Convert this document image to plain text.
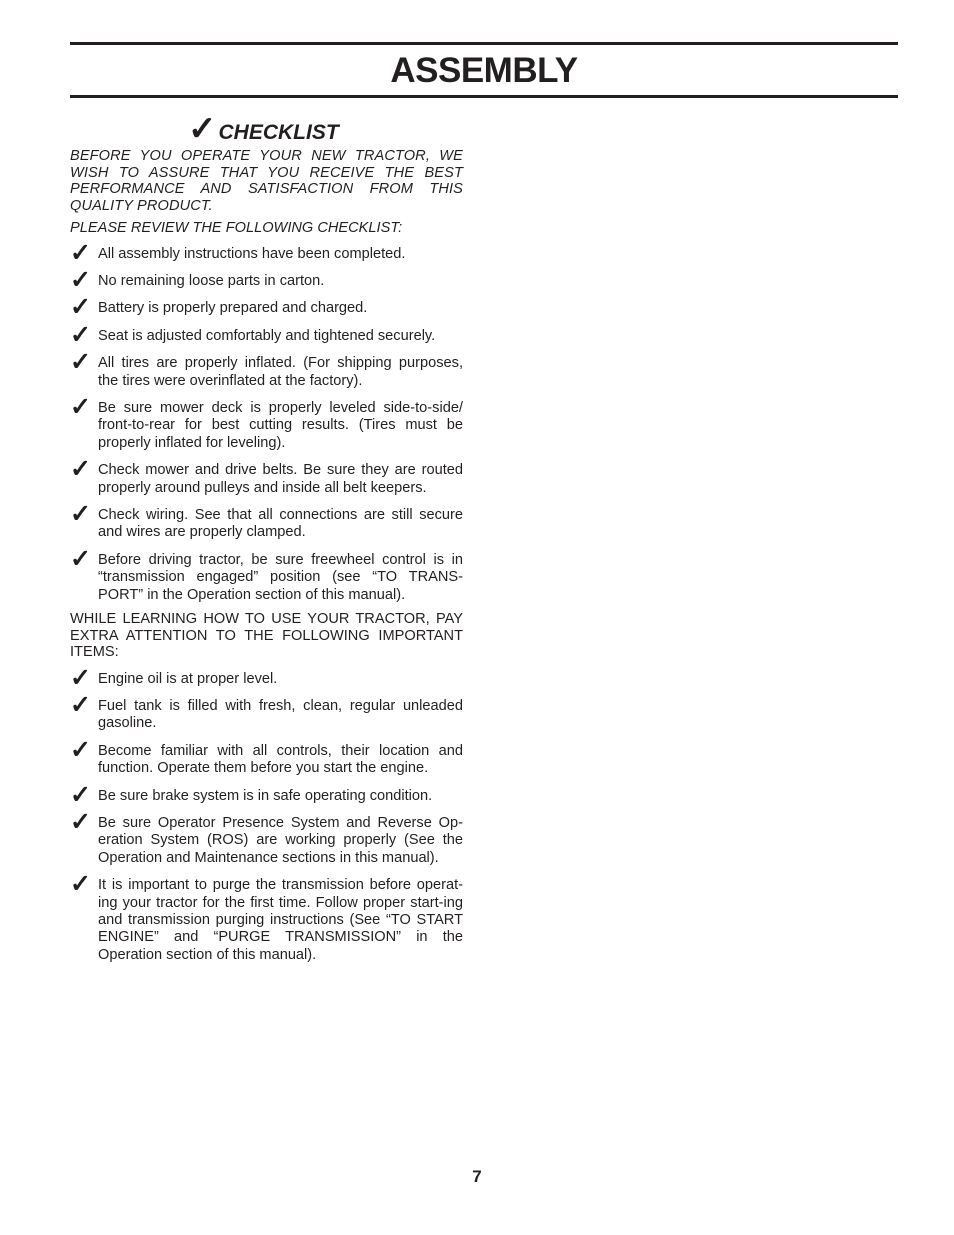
ASSEMBLY
✓ CHECKLIST

BEFORE YOU OPERATE YOUR NEW TRACTOR, WE WISH TO ASSURE THAT YOU RECEIVE THE BEST PERFORMANCE AND SATISFACTION FROM THIS QUALITY PRODUCT.

PLEASE REVIEW THE FOLLOWING CHECKLIST:

✓ All assembly instructions have been completed.
✓ No remaining loose parts in carton.
✓ Battery is properly prepared and charged.
✓ Seat is adjusted comfortably and tightened securely.
✓ All tires are properly inflated. (For shipping purposes, the tires were overinflated at the factory).
✓ Be sure mower deck is properly leveled side-to-side/ front-to-rear for best cutting results. (Tires must be properly inflated for leveling).
✓ Check mower and drive belts. Be sure they are routed properly around pulleys and inside all belt keepers.
✓ Check wiring. See that all connections are still secure and wires are properly clamped.
✓ Before driving tractor, be sure freewheel control is in “transmission engaged” position (see “TO TRANS-PORT” in the Operation section of this manual).

WHILE LEARNING HOW TO USE YOUR TRACTOR, PAY EXTRA ATTENTION TO THE FOLLOWING IMPORTANT ITEMS:

✓ Engine oil is at proper level.
✓ Fuel tank is filled with fresh, clean, regular unleaded gasoline.
✓ Become familiar with all controls, their location and function. Operate them before you start the engine.
✓ Be sure brake system is in safe operating condition.
✓ Be sure Operator Presence System and Reverse Op-eration System (ROS) are working properly (See the Operation and Maintenance sections in this manual).
✓ It is important to purge the transmission before operat-ing your tractor for the first time. Follow proper start-ing and transmission purging instructions (See “TO START ENGINE” and “PURGE TRANSMISSION” in the Operation section of this manual).
7
